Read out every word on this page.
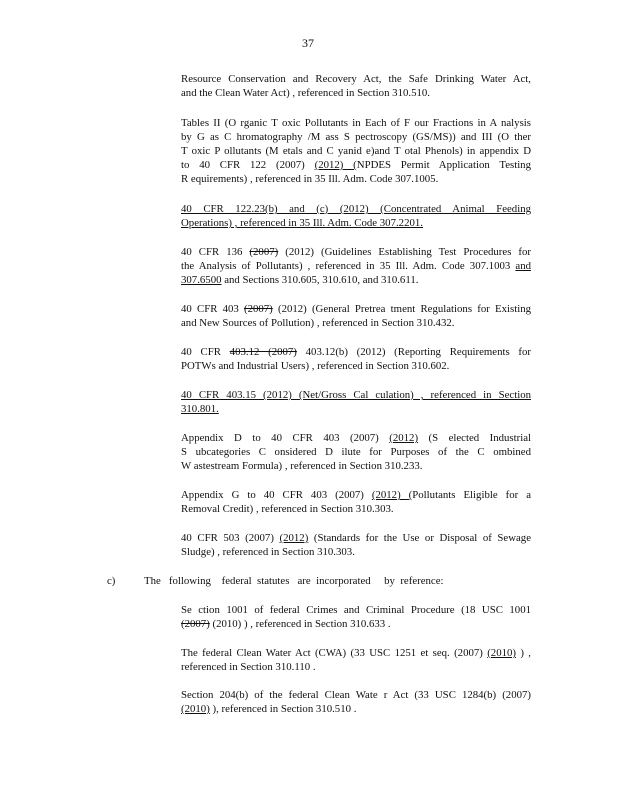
37
Resource Conservation and Recovery Act, the Safe Drinking Water Act,
and the Clean Water Act) , referenced in Section 310.510.
Tables II (O rganic T oxic Pollutants in Each of F our Fractions in A nalysis
by G as C hromatography /M ass S pectroscopy (GS/MS)) and III (O ther
T oxic P ollutants (M etals and C yanid e)and T otal Phenols) in appendix D
to 40 CFR 122 (2007) (2012) (NPDES Permit Application Testing
R equirements) , referenced in 35 Ill. Adm. Code 307.1005.
40 CFR 122.23(b) and (c) (2012) (Concentrated Animal Feeding
Operations) , referenced in 35 Ill. Adm. Code 307.2201.
40 CFR 136 (2007) (2012) (Guidelines Establishing Test Procedures for
the Analysis of Pollutants) , referenced in 35 Ill. Adm. Code 307.1003 and
307.6500 and Sections 310.605, 310.610, and 310.611.
40 CFR 403 (2007) (2012) (General Pretrea tment Regulations for Existing
and New Sources of Pollution) , referenced in Section 310.432.
40 CFR 403.12 (2007) 403.12(b) (2012) (Reporting Requirements for
POTWs and Industrial Users) , referenced in Section 310.602.
40 CFR 403.15 (2012) (Net/Gross Cal culation) , referenced in Section
310.801.
Appendix D to 40 CFR 403 (2007) (2012) (S elected Industrial
S ubcategories C onsidered D ilute for Purposes of the C ombined
W astestream Formula) , referenced in Section 310.233.
Appendix G to 40 CFR 403 (2007) (2012) (Pollutants Eligible for a
Removal Credit) , referenced in Section 310.303.
40 CFR 503 (2007) (2012) (Standards for the Use or Disposal of Sewage
Sludge) , referenced in Section 310.303.
c)	The   following    federal  statutes   are  incorporated     by  reference:
Se ction 1001 of federal Crimes and Criminal Procedure (18 USC 1001
(2007) (2010) ) , referenced in Section 310.633 .
The federal Clean Water Act (CWA) (33 USC 1251 et seq. (2007) (2010) ) ,
referenced in Section 310.110 .
Section 204(b) of the federal Clean Wate r Act (33 USC 1284(b) (2007)
(2010) ), referenced in Section 310.510 .
